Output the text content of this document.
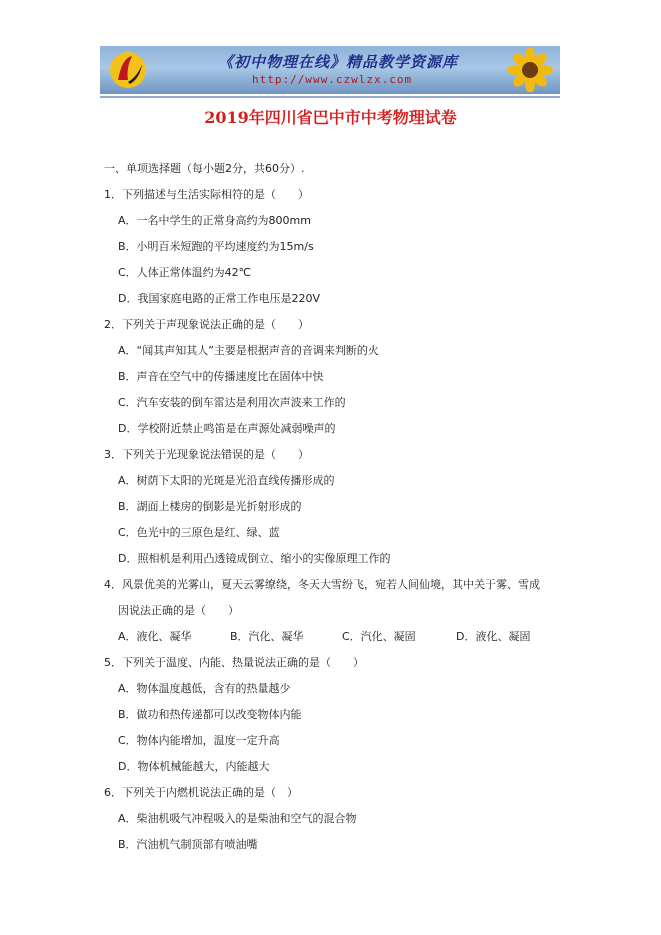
《初中物理在线》精品教学资源库
http://www.czwlzx.com
2019年四川省巴中市中考物理试卷
一、单项选择题（每小题2分，共60分）.
1．下列描述与生活实际相符的是（　　）
A．一名中学生的正常身高约为800mm
B．小明百米短跑的平均速度约为15m/s
C．人体正常体温约为42℃
D．我国家庭电路的正常工作电压是220V
2．下列关于声现象说法正确的是（　　）
A．“闻其声知其人”主要是根据声音的音调来判断的火
B．声音在空气中的传播速度比在固体中快
C．汽车安装的倒车雷达是利用次声波来工作的
D．学校附近禁止鸣笛是在声源处减弱噪声的
3．下列关于光现象说法错误的是（　　）
A．树荫下太阳的光斑是光沿直线传播形成的
B．湖面上楼房的倒影是光折射形成的
C．色光中的三原色是红、绿、蓝
D．照相机是利用凸透镜成倒立、缩小的实像原理工作的
4．风景优美的光雾山，夏天云雾缭绕，冬天大雪纷飞，宛若人间仙境，其中关于雾、雪成
因说法正确的是（　　）
A．液化、凝华	B．汽化、凝华	C．汽化、凝固	D．液化、凝固
5．下列关于温度、内能、热量说法正确的是（　　）
A．物体温度越低，含有的热量越少
B．做功和热传递都可以改变物体内能
C．物体内能增加，温度一定升高
D．物体机械能越大，内能越大
6．下列关于内燃机说法正确的是（　）
A．柴油机吸气冲程吸入的是柴油和空气的混合物
B．汽油机气制顶部有喷油嘴
